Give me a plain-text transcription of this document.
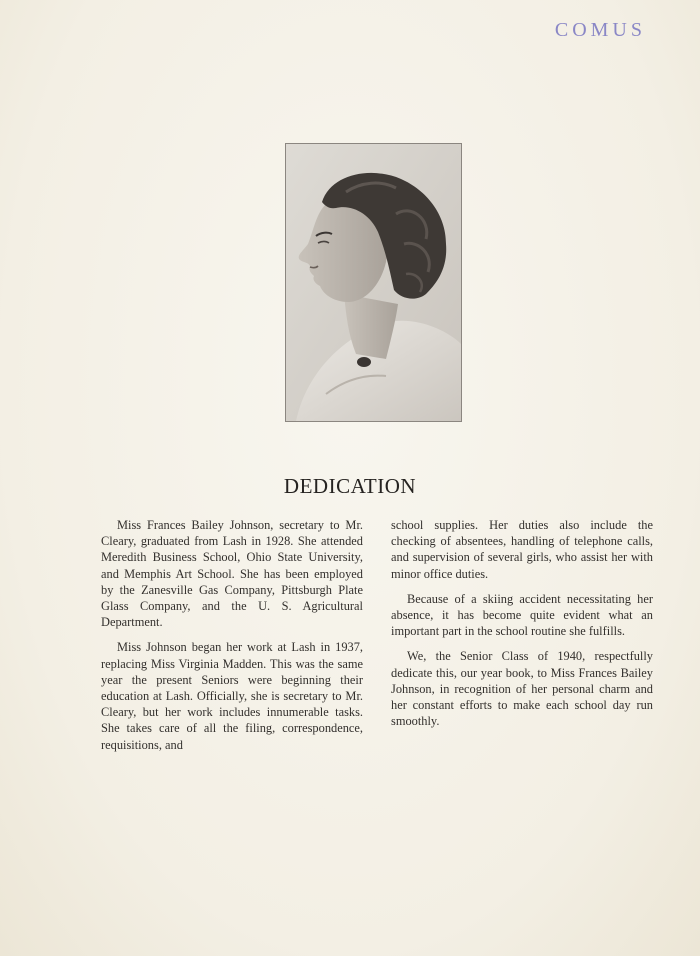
COMUS
DEDICATION

Miss Frances Bailey Johnson, secretary to Mr. Cleary, graduated from Lash in 1928. She attended Meredith Business School, Ohio State University, and Memphis Art School. She has been employed by the Zanesville Gas Company, Pittsburgh Plate Glass Company, and the U. S. Agricultural Department.

Miss Johnson began her work at Lash in 1937, replacing Miss Virginia Madden. This was the same year the present Seniors were beginning their education at Lash. Officially, she is secretary to Mr. Cleary, but her work includes innumerable tasks. She takes care of all the filing, correspondence, requisitions, and

school supplies. Her duties also include the checking of absentees, handling of telephone calls, and supervision of several girls, who assist her with minor office duties.

Because of a skiing accident necessitating her absence, it has become quite evident what an important part in the school routine she fulfills.

We, the Senior Class of 1940, respectfully dedicate this, our year book, to Miss Frances Bailey Johnson, in recognition of her personal charm and her constant efforts to make each school day run smoothly.
